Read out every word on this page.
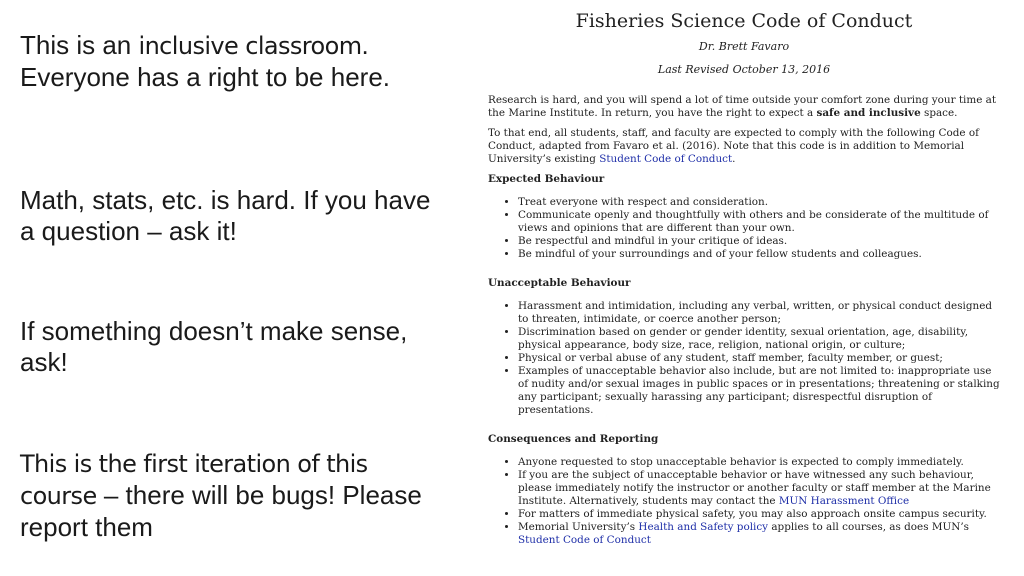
This is an inclusive classroom. Everyone has a right to be here.

Math, stats, etc. is hard. If you have a question – ask it!

If something doesn’t make sense, ask!

This is the first iteration of this
course – there will be bugs! Please report them

Fisheries Science Code of Conduct

Dr. Brett Favaro

Last Revised October 13, 2016

Research is hard, and you will spend a lot of time outside your comfort zone during your time at the Marine Institute. In return, you have the right to expect a safe and inclusive space.

To that end, all students, staff, and faculty are expected to comply with the following Code of Conduct, adapted from Favaro et al. (2016). Note that this code is in addition to Memorial University’s existing Student Code of Conduct.

Expected Behaviour
• Treat everyone with respect and consideration.
• Communicate openly and thoughtfully with others and be considerate of the multitude of views and opinions that are different than your own.
• Be respectful and mindful in your critique of ideas.
• Be mindful of your surroundings and of your fellow students and colleagues.
Unacceptable Behaviour
• Harassment and intimidation, including any verbal, written, or physical conduct designed to threaten, intimidate, or coerce another person;
• Discrimination based on gender or gender identity, sexual orientation, age, disability, physical appearance, body size, race, religion, national origin, or culture;
• Physical or verbal abuse of any student, staff member, faculty member, or guest;
• Examples of unacceptable behavior also include, but are not limited to: inappropriate use of nudity and/or sexual images in public spaces or in presentations; threatening or stalking any participant; sexually harassing any participant; disrespectful disruption of presentations.
Consequences and Reporting
• Anyone requested to stop unacceptable behavior is expected to comply immediately.
• If you are the subject of unacceptable behavior or have witnessed any such behaviour, please immediately notify the instructor or another faculty or staff member at the Marine Institute. Alternatively, students may contact the MUN Harassment Office
• For matters of immediate physical safety, you may also approach onsite campus security.
• Memorial University’s Health and Safety policy applies to all courses, as does MUN’s Student Code of Conduct
